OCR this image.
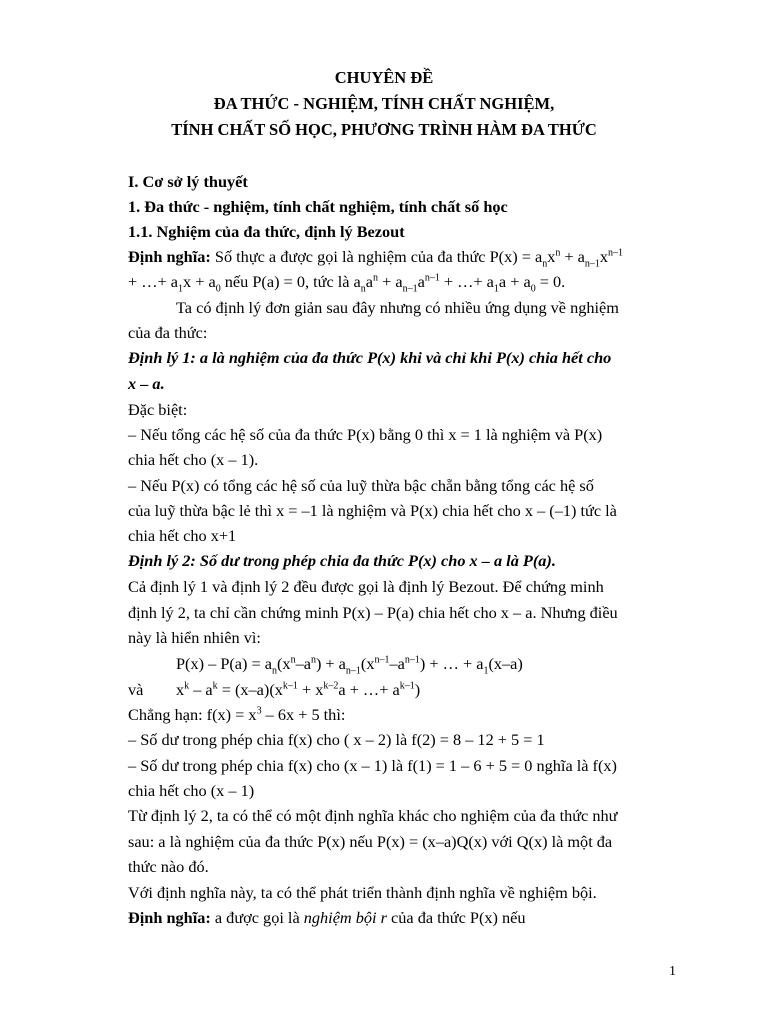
CHUYÊN ĐỀ
ĐA THỨC - NGHIỆM, TÍNH CHẤT NGHIỆM,
TÍNH CHẤT SỐ HỌC, PHƯƠNG TRÌNH HÀM ĐA THỨC
I. Cơ sở lý thuyết
1. Đa thức - nghiệm, tính chất nghiệm, tính chất số học
1.1. Nghiệm của đa thức, định lý Bezout
Định nghĩa: Số thực a được gọi là nghiệm của đa thức $P(x) = a_nx^n + a_{n-1}x^{n-1}$
+ …+ $a_1x + a_0$ nếu P(a) = 0, tức là $a_na^n + a_{n-1}a^{n-1}$ + …+ $a_1a + a_0 = 0$.
Ta có định lý đơn giản sau đây nhưng có nhiều ứng dụng về nghiệm
của đa thức:
Định lý 1: a là nghiệm của đa thức P(x) khi và chỉ khi P(x) chia hết cho
x – a.
Đặc biệt:
– Nếu tổng các hệ số của đa thức P(x) bằng 0 thì x = 1 là nghiệm và P(x)
chia hết cho (x – 1).
– Nếu P(x) có tổng các hệ số của luỹ thừa bậc chẵn bằng tổng các hệ số
của luỹ thừa bậc lẻ thì x = –1 là nghiệm và P(x) chia hết cho x – (–1) tức là
chia hết cho x+1
Định lý 2: Số dư trong phép chia đa thức P(x) cho x – a là P(a).
Cả định lý 1 và định lý 2 đều được gọi là định lý Bezout. Để chứng minh
định lý 2, ta chỉ cần chứng minh P(x) – P(a) chia hết cho x – a. Nhưng điều
này là hiển nhiên vì:
$P(x) - P(a) = a_n(x^n-a^n) + a_{n-1}(x^{n-1}-a^{n-1})$ + … + $a_1(x-a)$
và $x^k - a^k = (x-a)(x^{k-1} + x^{k-2}a$ + …+ $a^{k-1}$)
Chẳng hạn: $f(x) = x^3 - 6x + 5$ thì:
– Số dư trong phép chia f(x) cho ( x – 2) là f(2) = 8 – 12 + 5 = 1
– Số dư trong phép chia f(x) cho (x – 1) là f(1) = 1 – 6 + 5 = 0 nghĩa là f(x)
chia hết cho (x – 1)
Từ định lý 2, ta có thể có một định nghĩa khác cho nghiệm của đa thức như
sau: a là nghiệm của đa thức P(x) nếu P(x) = (x–a)Q(x) với Q(x) là một đa
thức nào đó.
Với định nghĩa này, ta có thể phát triển thành định nghĩa về nghiệm bội.
Định nghĩa: a được gọi là nghiệm bội r của đa thức P(x) nếu
1
